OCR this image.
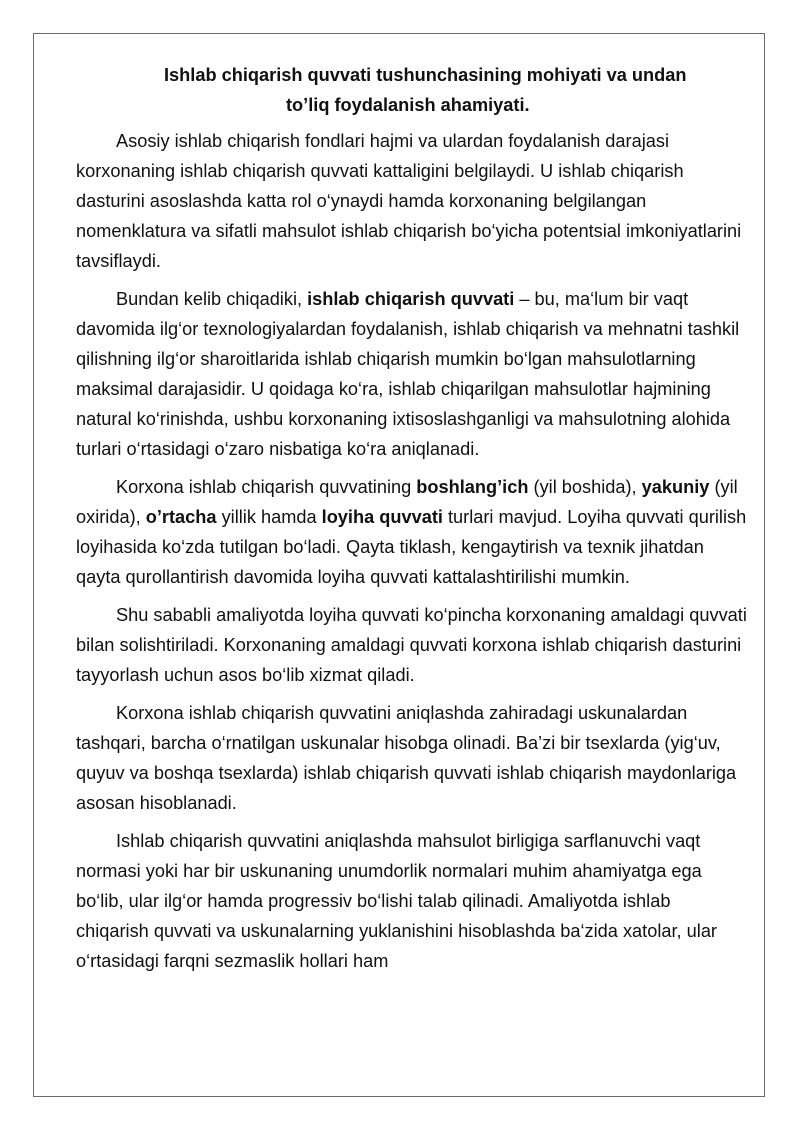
Ishlab chiqarish quvvati tushunchasining mohiyati va undan
to’liq foydalanish ahamiyati.

Asosiy ishlab chiqarish fondlari hajmi va ulardan foydalanish darajasi korxonaning ishlab chiqarish quvvati kattaligini belgilaydi. U ishlab chiqarish dasturini asoslashda katta rol o‘ynaydi hamda korxonaning belgilangan nomenklatura va sifatli mahsulot ishlab chiqarish bo‘yicha potentsial imkoniyatlarini tavsiflaydi.

Bundan kelib chiqadiki, ishlab chiqarish quvvati – bu, ma‘lum bir vaqt davomida ilg‘or texnologiyalardan foydalanish, ishlab chiqarish va mehnatni tashkil qilishning ilg‘or sharoitlarida ishlab chiqarish mumkin bo‘lgan mahsulotlarning maksimal darajasidir. U qoidaga ko‘ra, ishlab chiqarilgan mahsulotlar hajmining natural ko‘rinishda, ushbu korxonaning ixtisoslashganligi va mahsulotning alohida turlari o‘rtasidagi o‘zaro nisbatiga ko‘ra aniqlanadi.

Korxona ishlab chiqarish quvvatining boshlang’ich (yil boshida), yakuniy (yil oxirida), o’rtacha yillik hamda loyiha quvvati turlari mavjud. Loyiha quvvati qurilish loyihasida ko‘zda tutilgan bo‘ladi. Qayta tiklash, kengaytirish va texnik jihatdan qayta qurollantirish davomida loyiha quvvati kattalashtirilishi mumkin.

Shu sababli amaliyotda loyiha quvvati ko‘pincha korxonaning amaldagi quvvati bilan solishtiriladi. Korxonaning amaldagi quvvati korxona ishlab chiqarish dasturini tayyorlash uchun asos bo‘lib xizmat qiladi.

Korxona ishlab chiqarish quvvatini aniqlashda zahiradagi uskunalardan tashqari, barcha o‘rnatilgan uskunalar hisobga olinadi. Ba’zi bir tsexlarda (yig‘uv, quyuv va boshqa tsexlarda) ishlab chiqarish quvvati ishlab chiqarish maydonlariga asosan hisoblanadi.

Ishlab chiqarish quvvatini aniqlashda mahsulot birligiga sarflanuvchi vaqt normasi yoki har bir uskunaning unumdorlik normalari muhim ahamiyatga ega bo‘lib, ular ilg‘or hamda progressiv bo‘lishi talab qilinadi. Amaliyotda ishlab chiqarish quvvati va uskunalarning yuklanishini hisoblashda ba‘zida xatolar, ular o‘rtasidagi farqni sezmaslik hollari ham
